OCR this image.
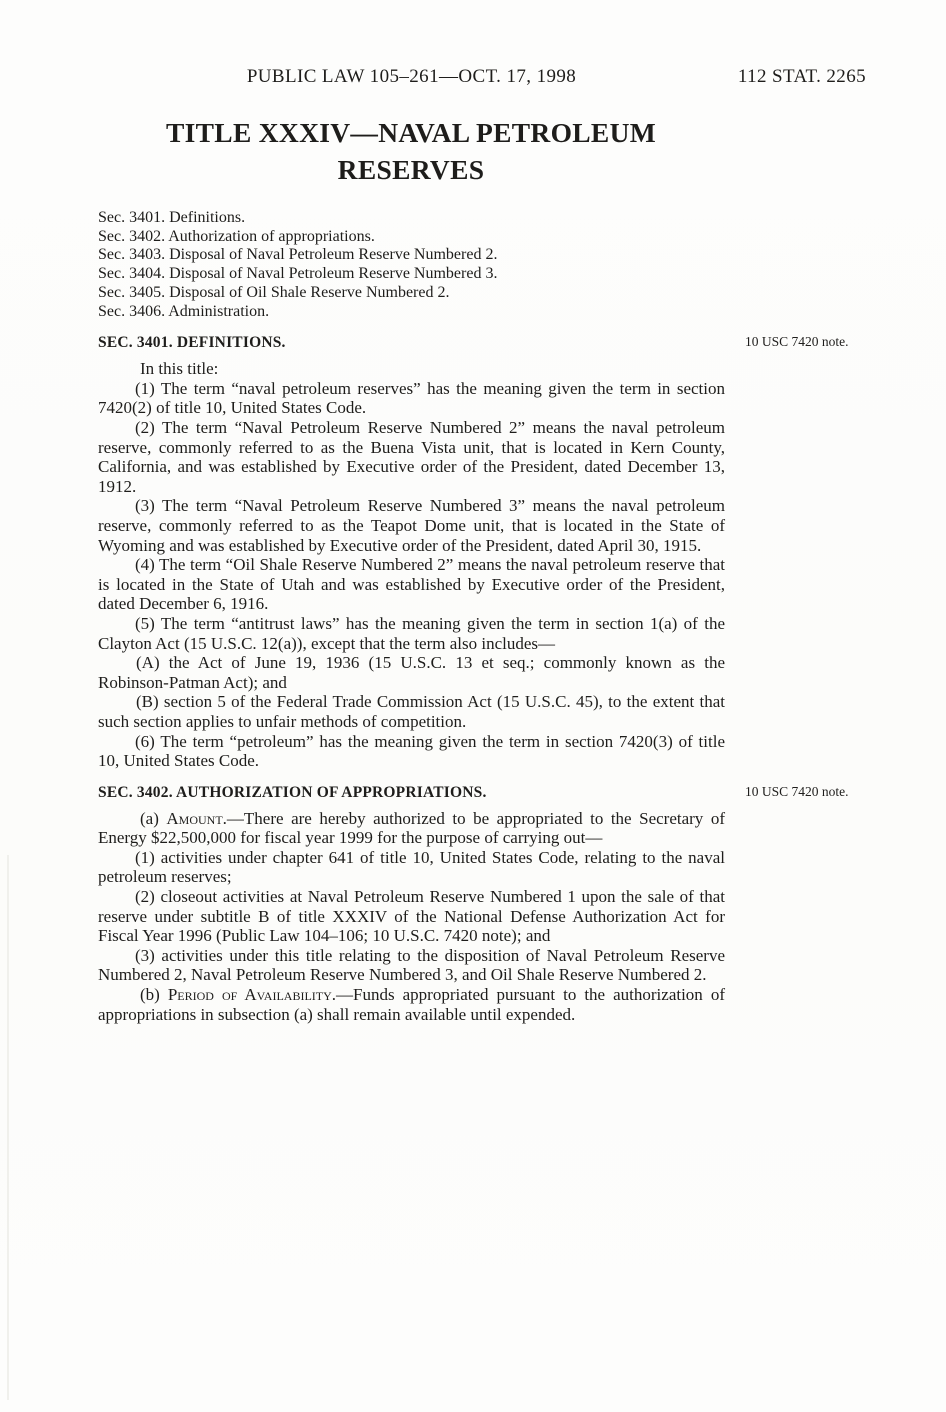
PUBLIC LAW 105–261—OCT. 17, 1998	112 STAT. 2265
TITLE XXXIV—NAVAL PETROLEUM RESERVES

Sec. 3401. Definitions.

Sec. 3402. Authorization of appropriations.

Sec. 3403. Disposal of Naval Petroleum Reserve Numbered 2.

Sec. 3404. Disposal of Naval Petroleum Reserve Numbered 3.

Sec. 3405. Disposal of Oil Shale Reserve Numbered 2.

Sec. 3406. Administration.

SEC. 3401. DEFINITIONS.	10 USC 7420 note.

In this title:

(1) The term “naval petroleum reserves” has the meaning given the term in section 7420(2) of title 10, United States Code.

(2) The term “Naval Petroleum Reserve Numbered 2” means the naval petroleum reserve, commonly referred to as the Buena Vista unit, that is located in Kern County, California, and was established by Executive order of the President, dated December 13, 1912.

(3) The term “Naval Petroleum Reserve Numbered 3” means the naval petroleum reserve, commonly referred to as the Teapot Dome unit, that is located in the State of Wyoming and was established by Executive order of the President, dated April 30, 1915.

(4) The term “Oil Shale Reserve Numbered 2” means the naval petroleum reserve that is located in the State of Utah and was established by Executive order of the President, dated December 6, 1916.

(5) The term “antitrust laws” has the meaning given the term in section 1(a) of the Clayton Act (15 U.S.C. 12(a)), except that the term also includes—

(A) the Act of June 19, 1936 (15 U.S.C. 13 et seq.; commonly known as the Robinson-Patman Act); and

(B) section 5 of the Federal Trade Commission Act (15 U.S.C. 45), to the extent that such section applies to unfair methods of competition.

(6) The term “petroleum” has the meaning given the term in section 7420(3) of title 10, United States Code.

SEC. 3402. AUTHORIZATION OF APPROPRIATIONS.	10 USC 7420 note.

(a) Amount.—There are hereby authorized to be appropriated to the Secretary of Energy $22,500,000 for fiscal year 1999 for the purpose of carrying out—

(1) activities under chapter 641 of title 10, United States Code, relating to the naval petroleum reserves;

(2) closeout activities at Naval Petroleum Reserve Numbered 1 upon the sale of that reserve under subtitle B of title XXXIV of the National Defense Authorization Act for Fiscal Year 1996 (Public Law 104–106; 10 U.S.C. 7420 note); and

(3) activities under this title relating to the disposition of Naval Petroleum Reserve Numbered 2, Naval Petroleum Reserve Numbered 3, and Oil Shale Reserve Numbered 2.

(b) Period of Availability.—Funds appropriated pursuant to the authorization of appropriations in subsection (a) shall remain available until expended.
